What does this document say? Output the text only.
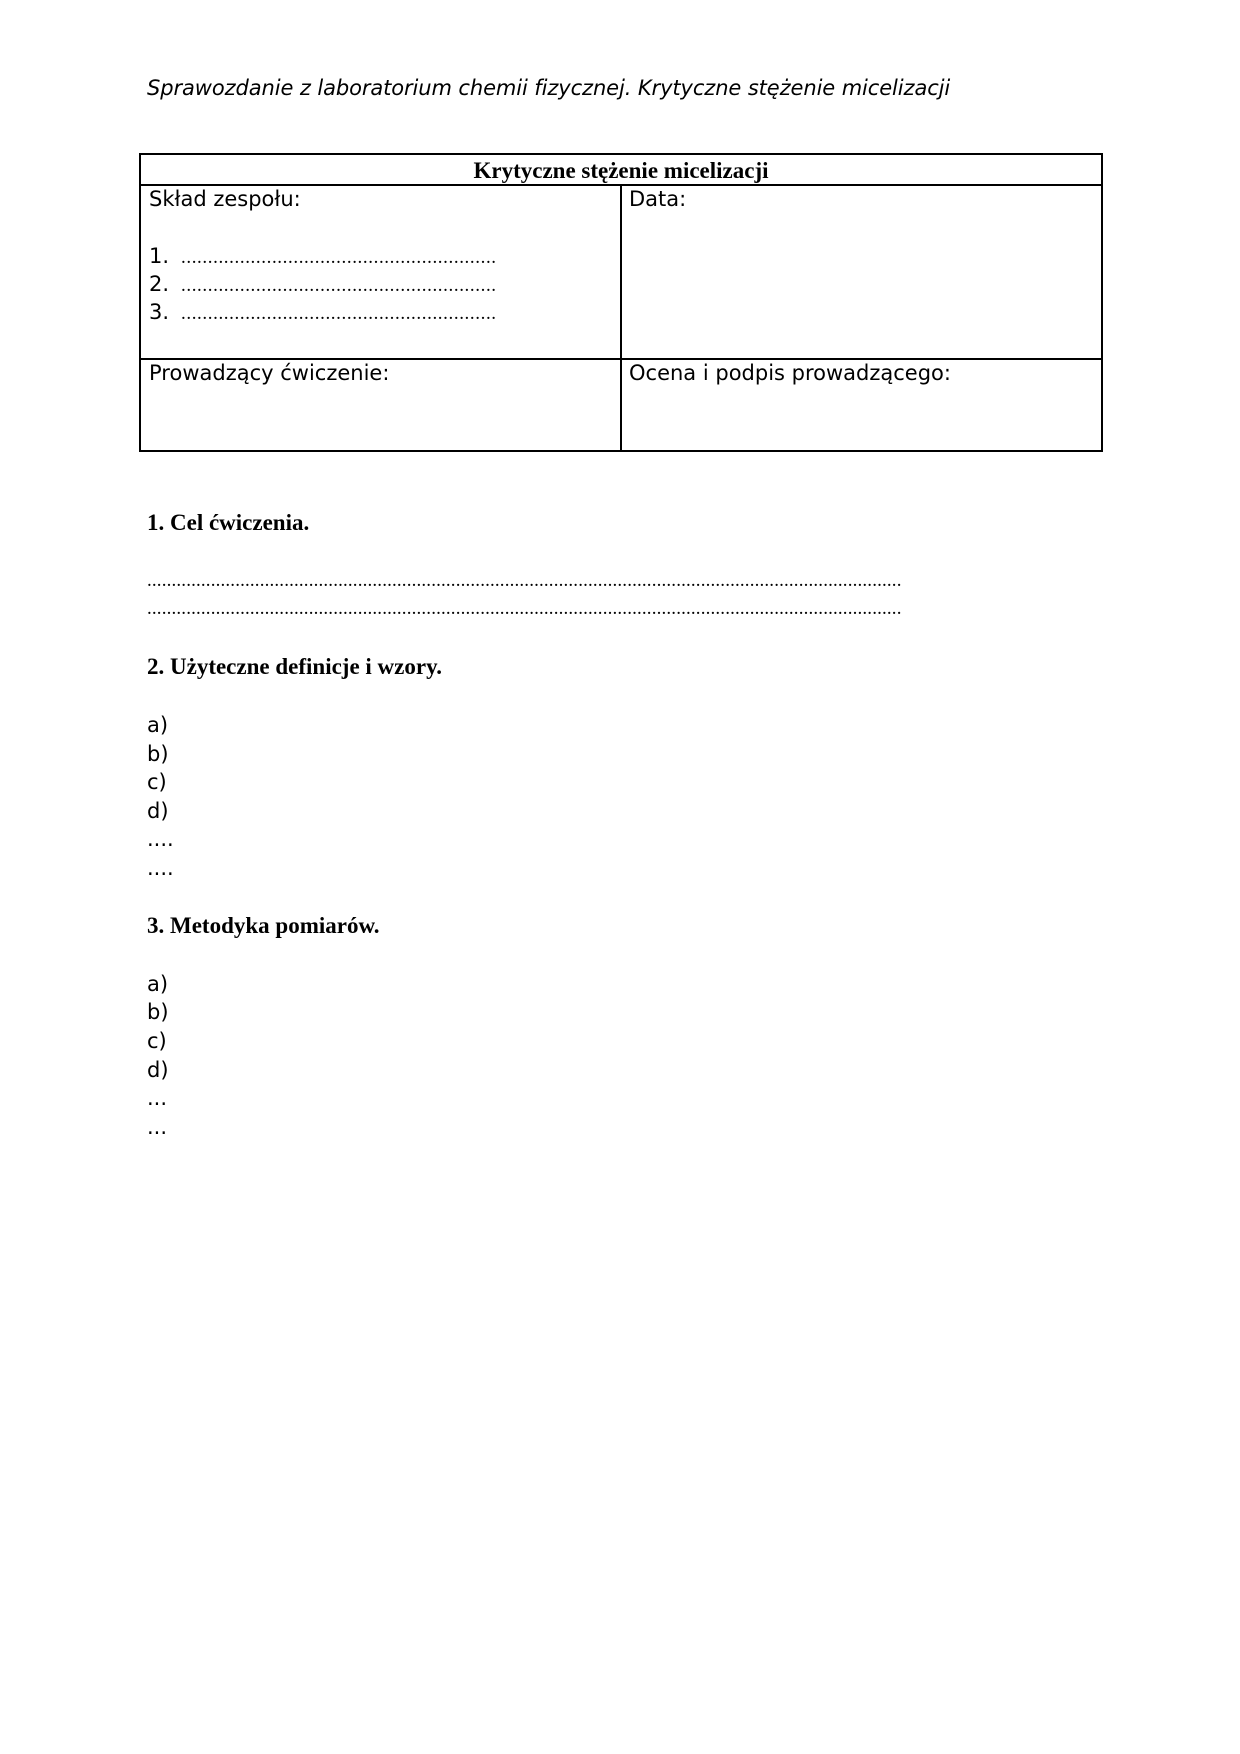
Sprawozdanie z laboratorium chemii fizycznej. Krytyczne stężenie micelizacji
Krytyczne stężenie micelizacji
Skład zespołu:	Data:
1. ...........................................................
2. ...........................................................
3. ...........................................................
Prowadzący ćwiczenie:	Ocena i podpis prowadzącego:
1. Cel ćwiczenia.
..........................................................................................................................................................
..........................................................................................................................................................
2. Użyteczne definicje i wzory.
a)
b)
c)
d)
....
....
3. Metodyka pomiarów.
a)
b)
c)
d)
...
...
